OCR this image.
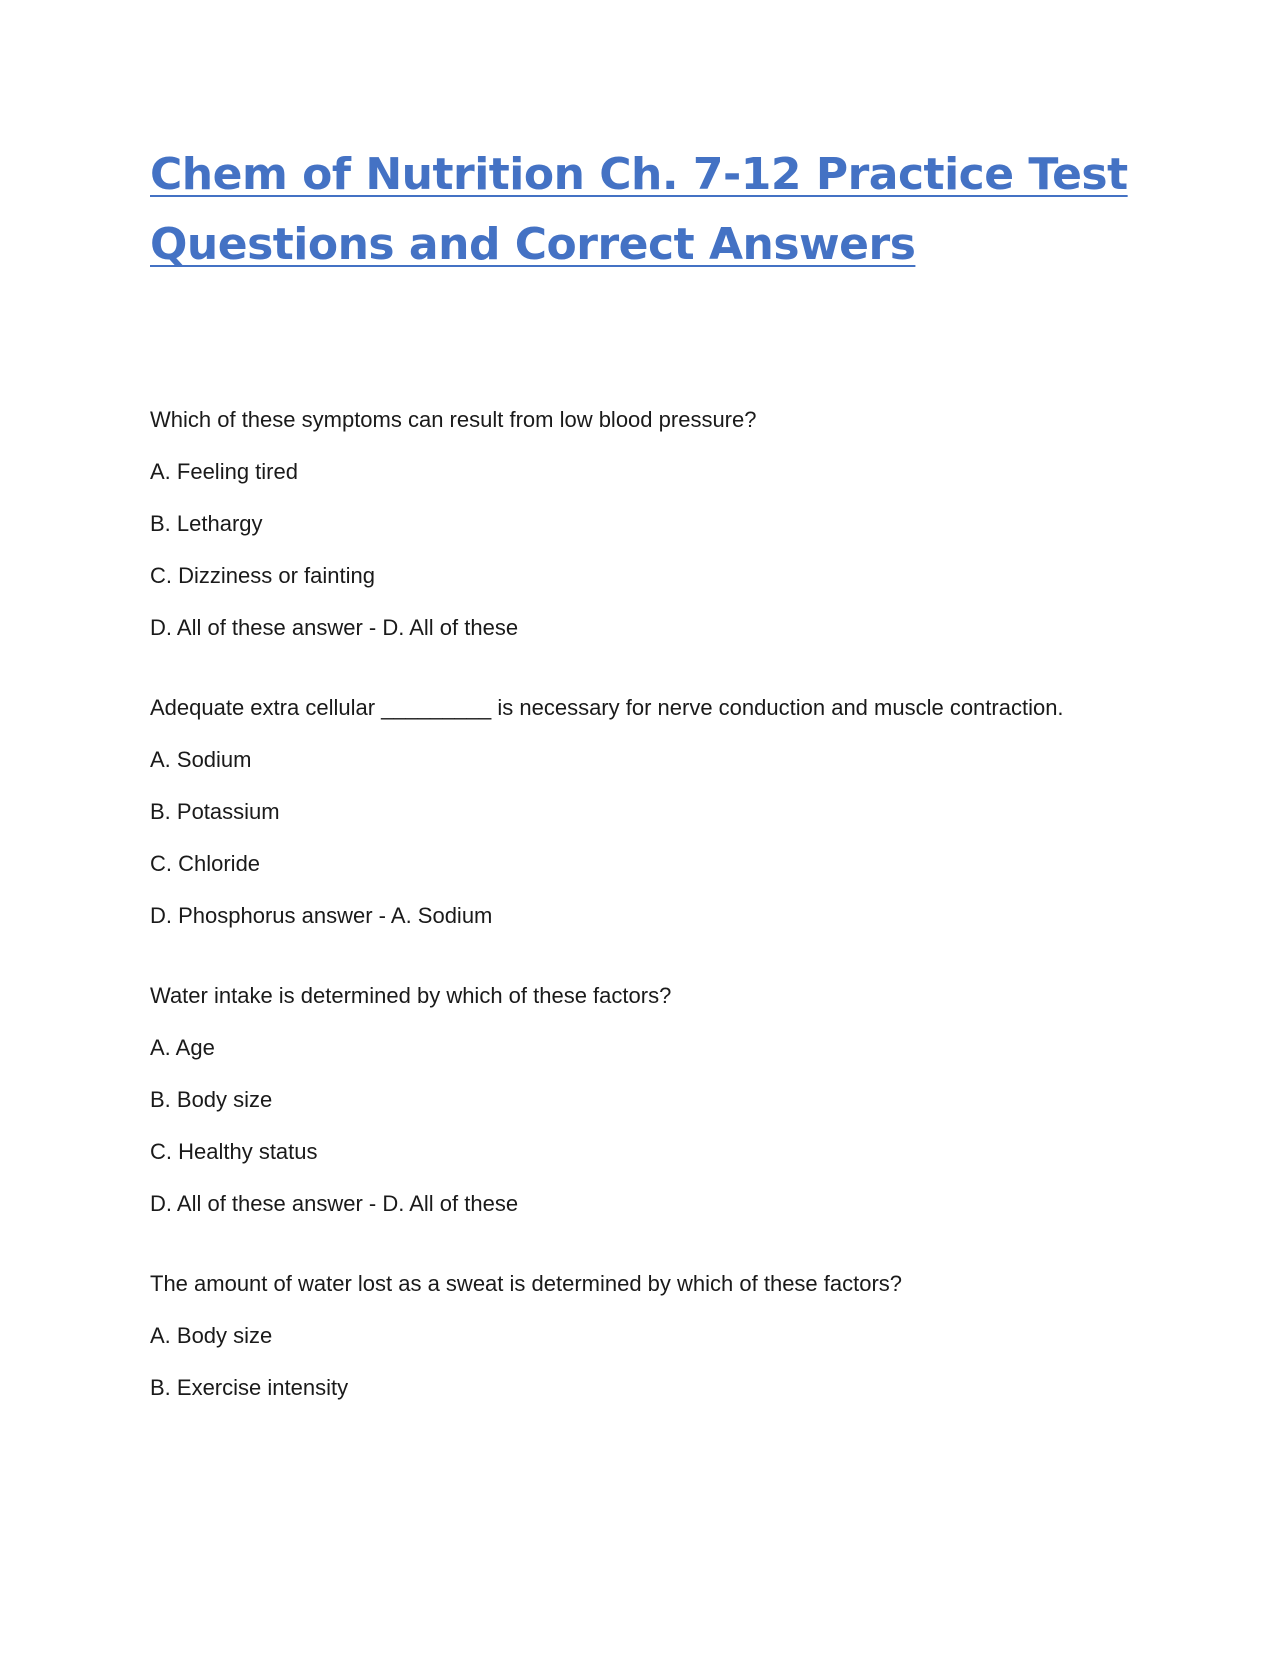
Chem of Nutrition Ch. 7-12 Practice Test
Questions and Correct Answers

Which of these symptoms can result from low blood pressure?

A. Feeling tired

B. Lethargy

C. Dizziness or fainting

D. All of these answer - D. All of these

Adequate extra cellular _________ is necessary for nerve conduction and muscle contraction.

A. Sodium

B. Potassium

C. Chloride

D. Phosphorus answer - A. Sodium

Water intake is determined by which of these factors?

A. Age

B. Body size

C. Healthy status

D. All of these answer - D. All of these

The amount of water lost as a sweat is determined by which of these factors?

A. Body size

B. Exercise intensity
